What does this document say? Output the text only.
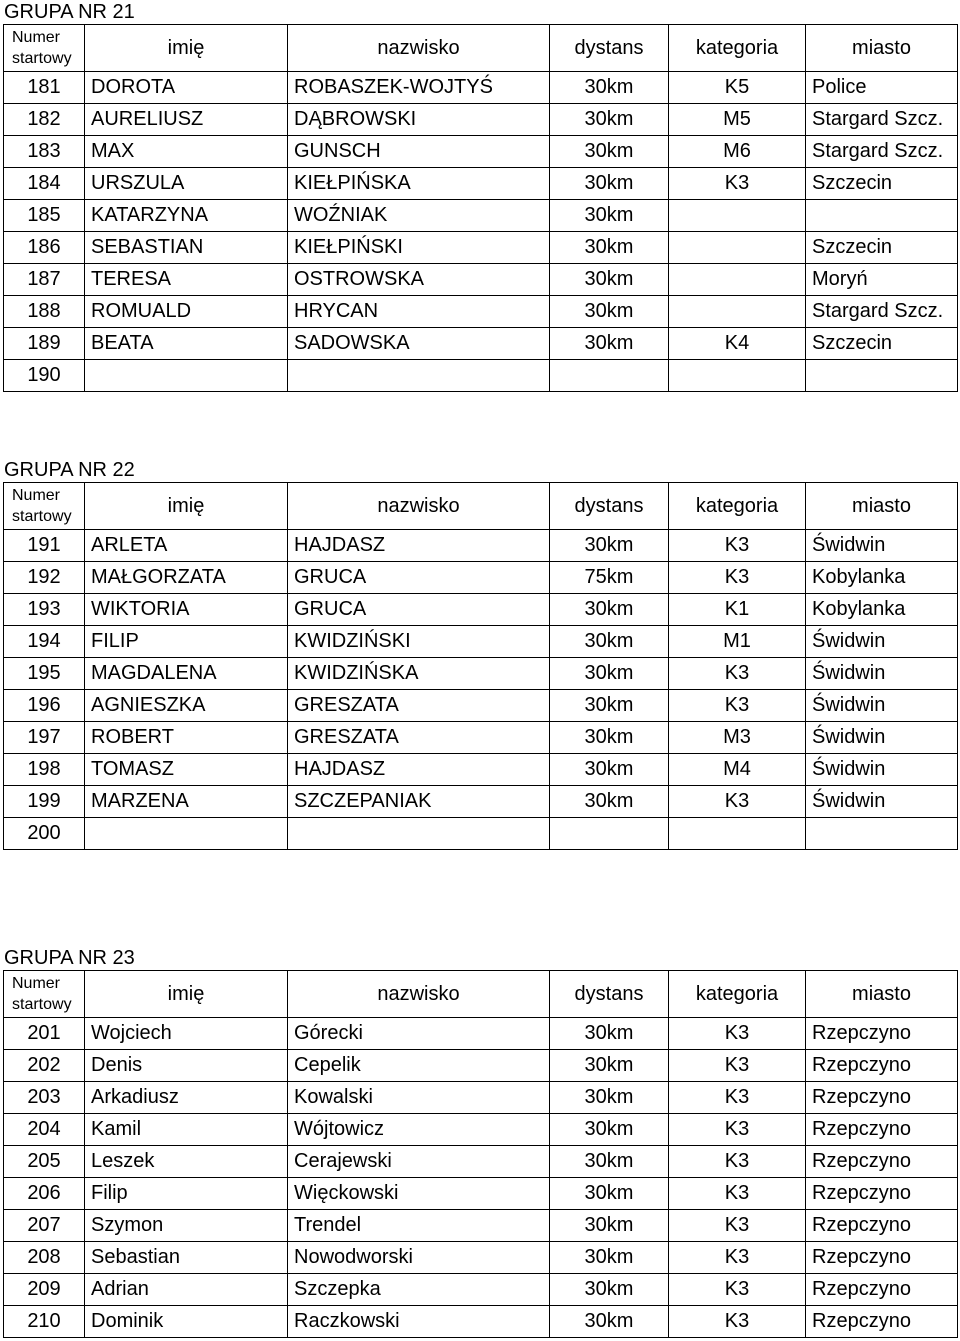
GRUPA NR 21
Numer
startowy	imię	nazwisko	dystans	kategoria	miasto
181	DOROTA	ROBASZEK-WOJTYŚ	30km	K5	Police
182	AURELIUSZ	DĄBROWSKI	30km	M5	Stargard Szcz.
183	MAX	GUNSCH	30km	M6	Stargard Szcz.
184	URSZULA	KIEŁPIŃSKA	30km	K3	Szczecin
185	KATARZYNA	WOŹNIAK	30km		
186	SEBASTIAN	KIEŁPIŃSKI	30km		Szczecin
187	TERESA	OSTROWSKA	30km		Moryń
188	ROMUALD	HRYCAN	30km		Stargard Szcz.
189	BEATA	SADOWSKA	30km	K4	Szczecin
190					
GRUPA NR 22
Numer
startowy	imię	nazwisko	dystans	kategoria	miasto
191	ARLETA	HAJDASZ	30km	K3	Świdwin
192	MAŁGORZATA	GRUCA	75km	K3	Kobylanka
193	WIKTORIA	GRUCA	30km	K1	Kobylanka
194	FILIP	KWIDZIŃSKI	30km	M1	Świdwin
195	MAGDALENA	KWIDZIŃSKA	30km	K3	Świdwin
196	AGNIESZKA	GRESZATA	30km	K3	Świdwin
197	ROBERT	GRESZATA	30km	M3	Świdwin
198	TOMASZ	HAJDASZ	30km	M4	Świdwin
199	MARZENA	SZCZEPANIAK	30km	K3	Świdwin
200					
GRUPA NR 23
Numer
startowy	imię	nazwisko	dystans	kategoria	miasto
201	Wojciech	Górecki	30km	K3	Rzepczyno
202	Denis	Cepelik	30km	K3	Rzepczyno
203	Arkadiusz	Kowalski	30km	K3	Rzepczyno
204	Kamil	Wójtowicz	30km	K3	Rzepczyno
205	Leszek	Cerajewski	30km	K3	Rzepczyno
206	Filip	Więckowski	30km	K3	Rzepczyno
207	Szymon	Trendel	30km	K3	Rzepczyno
208	Sebastian	Nowodworski	30km	K3	Rzepczyno
209	Adrian	Szczepka	30km	K3	Rzepczyno
210	Dominik	Raczkowski	30km	K3	Rzepczyno
